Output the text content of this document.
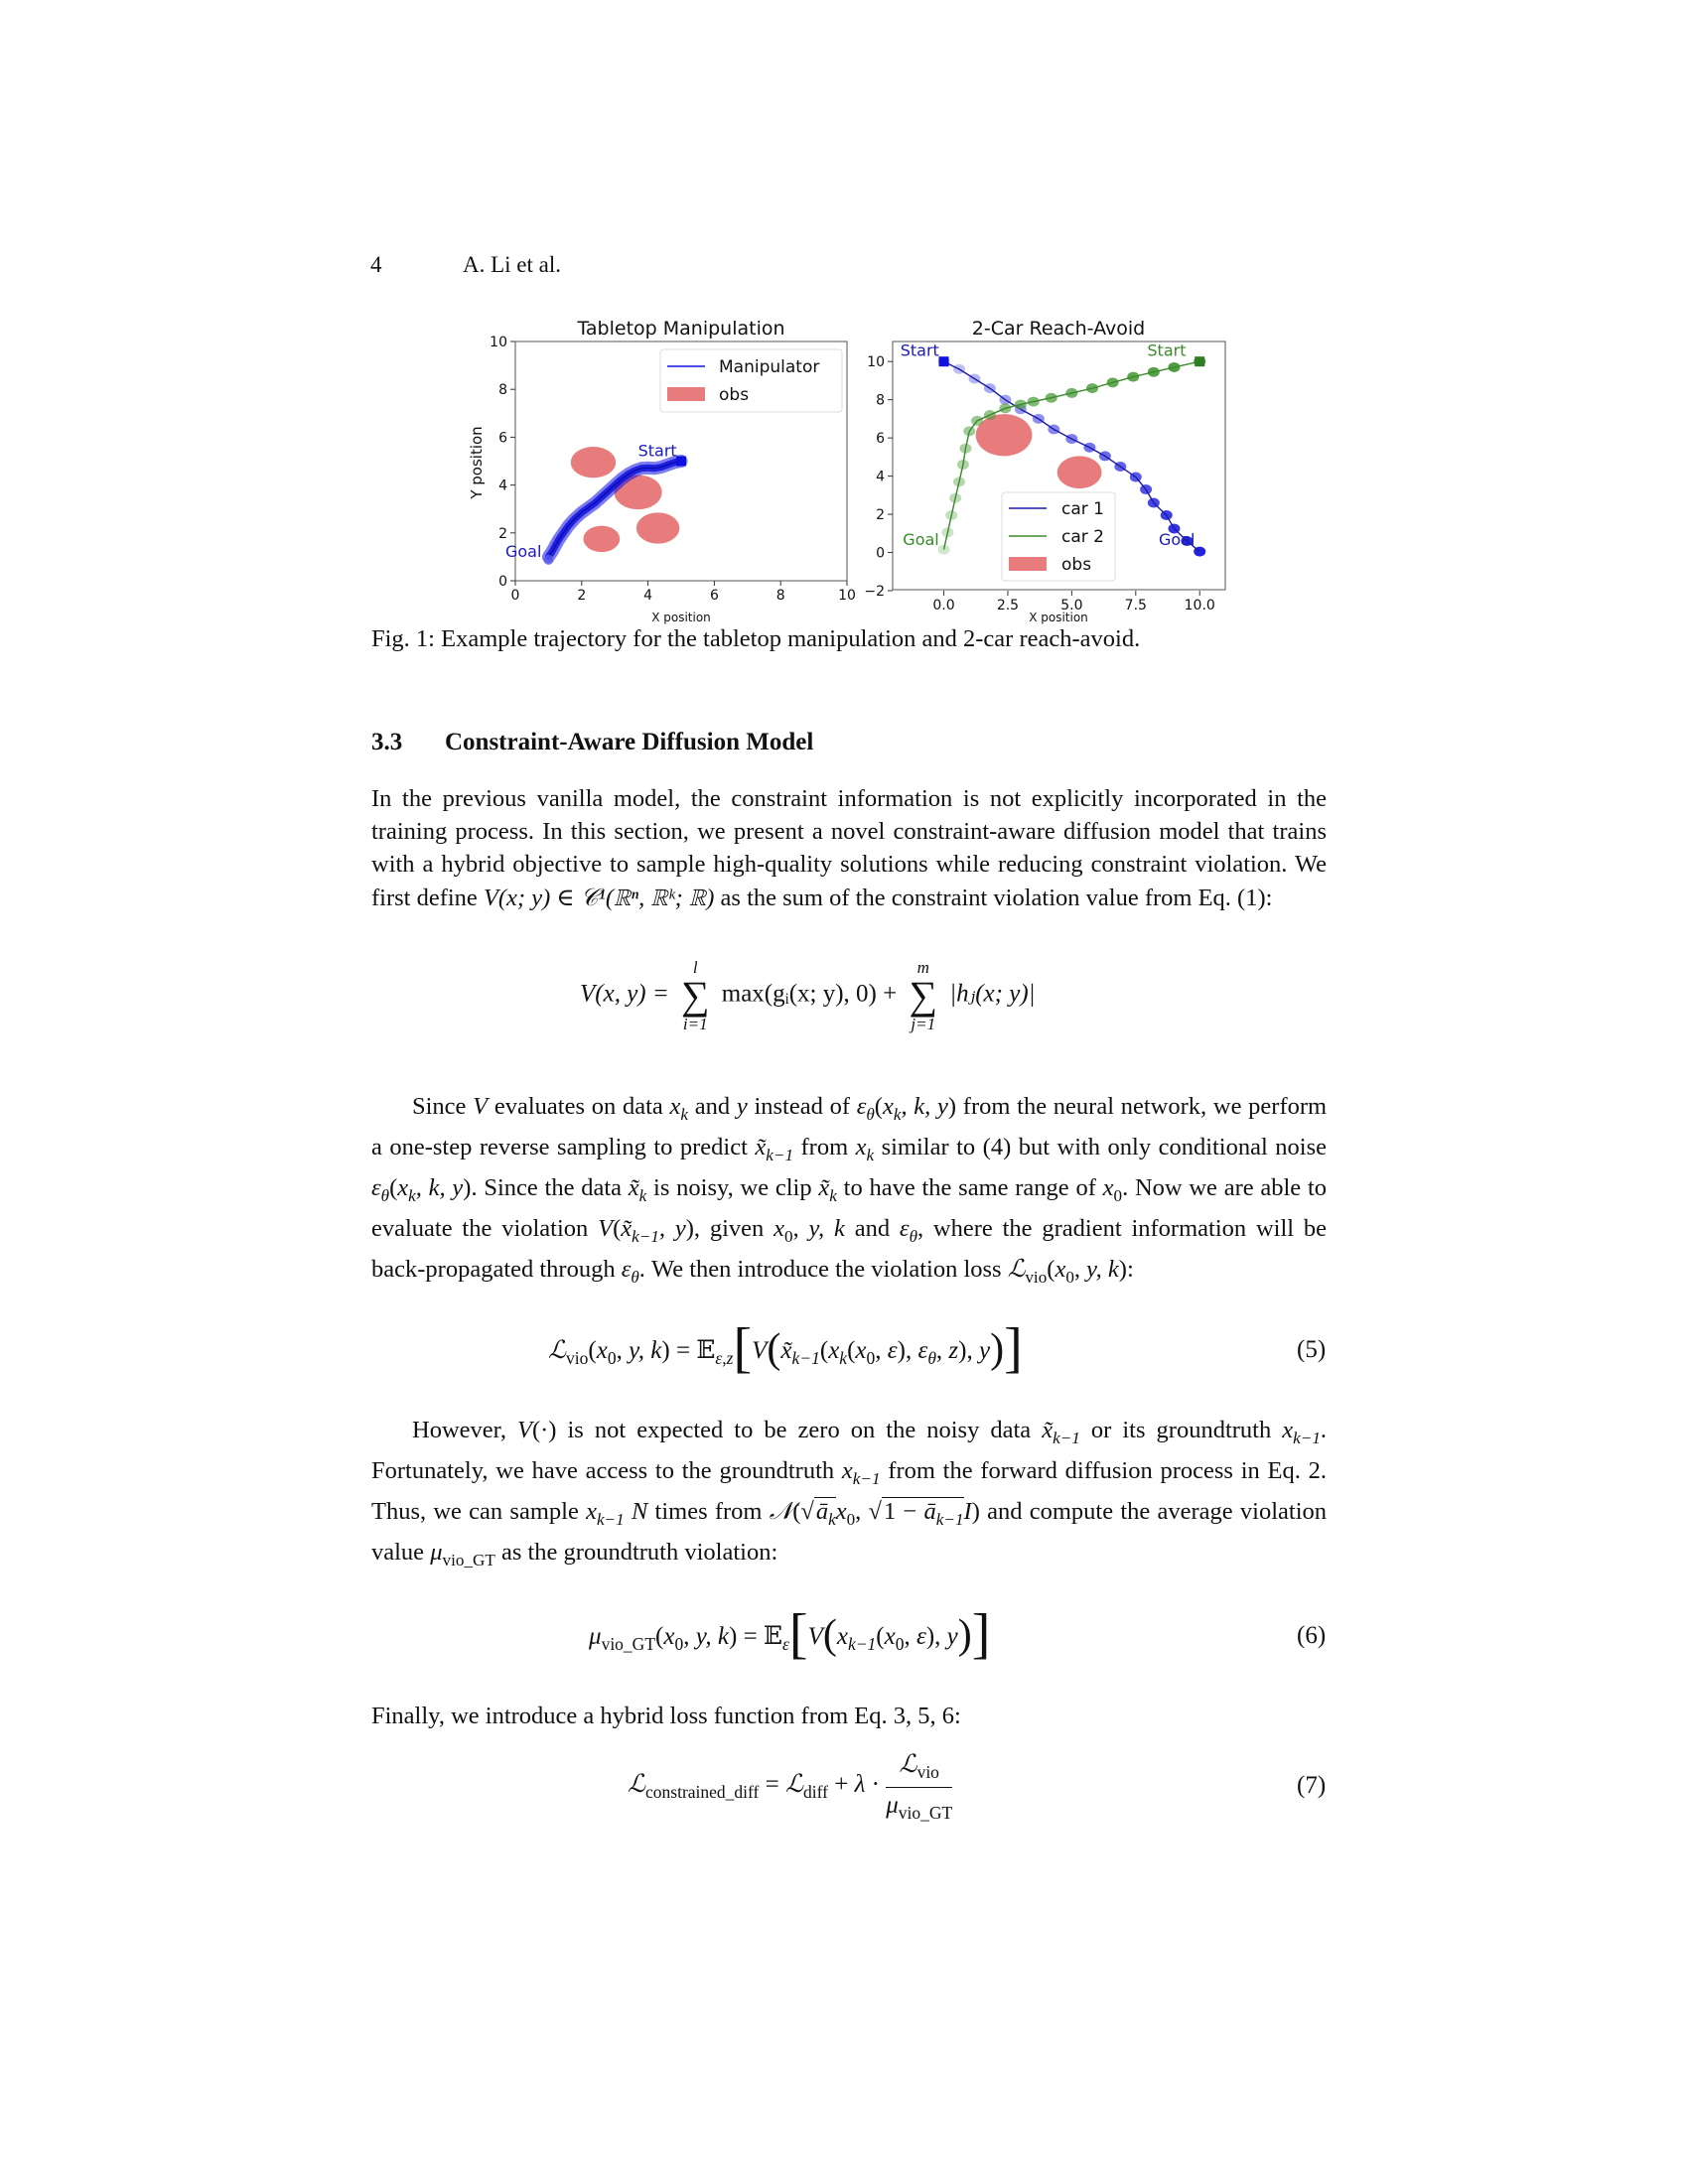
4	A. Li et al.
Tabletop Manipulation
X position
Y position
0	2	4	6	8	10
0
2
4
6
8
10
Start
Goal
Manipulator
obs
2-Car Reach-Avoid
X position
0.0	2.5	5.0	7.5	10.0
−2
0
2
4
6
8
10
Start	Start
Goal	Goal
car 1
car 2
obs
Fig. 1: Example trajectory for the tabletop manipulation and 2-car reach-avoid.
3.3 Constraint-Aware Diffusion Model

In the previous vanilla model, the constraint information is not explicitly incorporated in the training process. In this section, we present a novel constraint-aware diffusion model that trains with a hybrid objective to sample high-quality solutions while reducing constraint violation. We first define V(x; y) ∈ 𝒞¹(ℝⁿ, ℝᵏ; ℝ) as the sum of the constraint violation value from Eq. (1):

V(x, y) =
l
∑
i=1
max(gᵢ(x; y), 0) +
m
∑
j=1
|hⱼ(x; y)|

Since V evaluates on data $x_k$ and y instead of $\varepsilon_\theta(x_k$, k, y) from the neural network, we perform a one-step reverse sampling to predict $x̃_{k-1}$ from $x_k$ similar to (4) but with only conditional noise $\varepsilon_\theta(x_k$, k, y). Since the data $x̃_k$ is noisy, we clip $x̃_k$ to have the same range of $x_0$. Now we are able to evaluate the violation $V(x̃_{k-1}$, y), given $x_0$, y, k and $\varepsilon_\theta$, where the gradient information will be back-propagated through $\varepsilon_\theta$. We then introduce the violation loss $ℒ_{vio}(x_0$, y, k):

$ℒ_{vio}(x_0$, y, $k) = 𝔼_{\varepsilon,z}[V(x̃_{k-1}(x_k(x_0$, ε), $\varepsilon_\theta$, z), y)]	(5)

However, V(·) is not expected to be zero on the noisy data $x̃_{k-1}$ or its groundtruth $x_{k-1}$. Fortunately, we have access to the groundtruth $x_{k-1}$ from the forward diffusion process in Eq. 2. Thus, we can sample $x_{k-1}$ N times from $𝒩(√ā_kx_0$, $√1 - ā_{k-1}I$) and compute the average violation value $\mu_{vio\_GT}$ as the groundtruth violation:

$\mu_{vio\_GT}(x_0$, y, $k) = 𝔼_\varepsilon[V(x_{k-1}(x_0$, ε), y)]	(6)

Finally, we introduce a hybrid loss function from Eq. 3, 5, 6:

ℒ$_{constrained\_diff}$ = ℒ$_{diff}$ + $\lambda \cdot \frac{ℒ_{vio}}{\mu_{vio\_GT}}$	(7)
